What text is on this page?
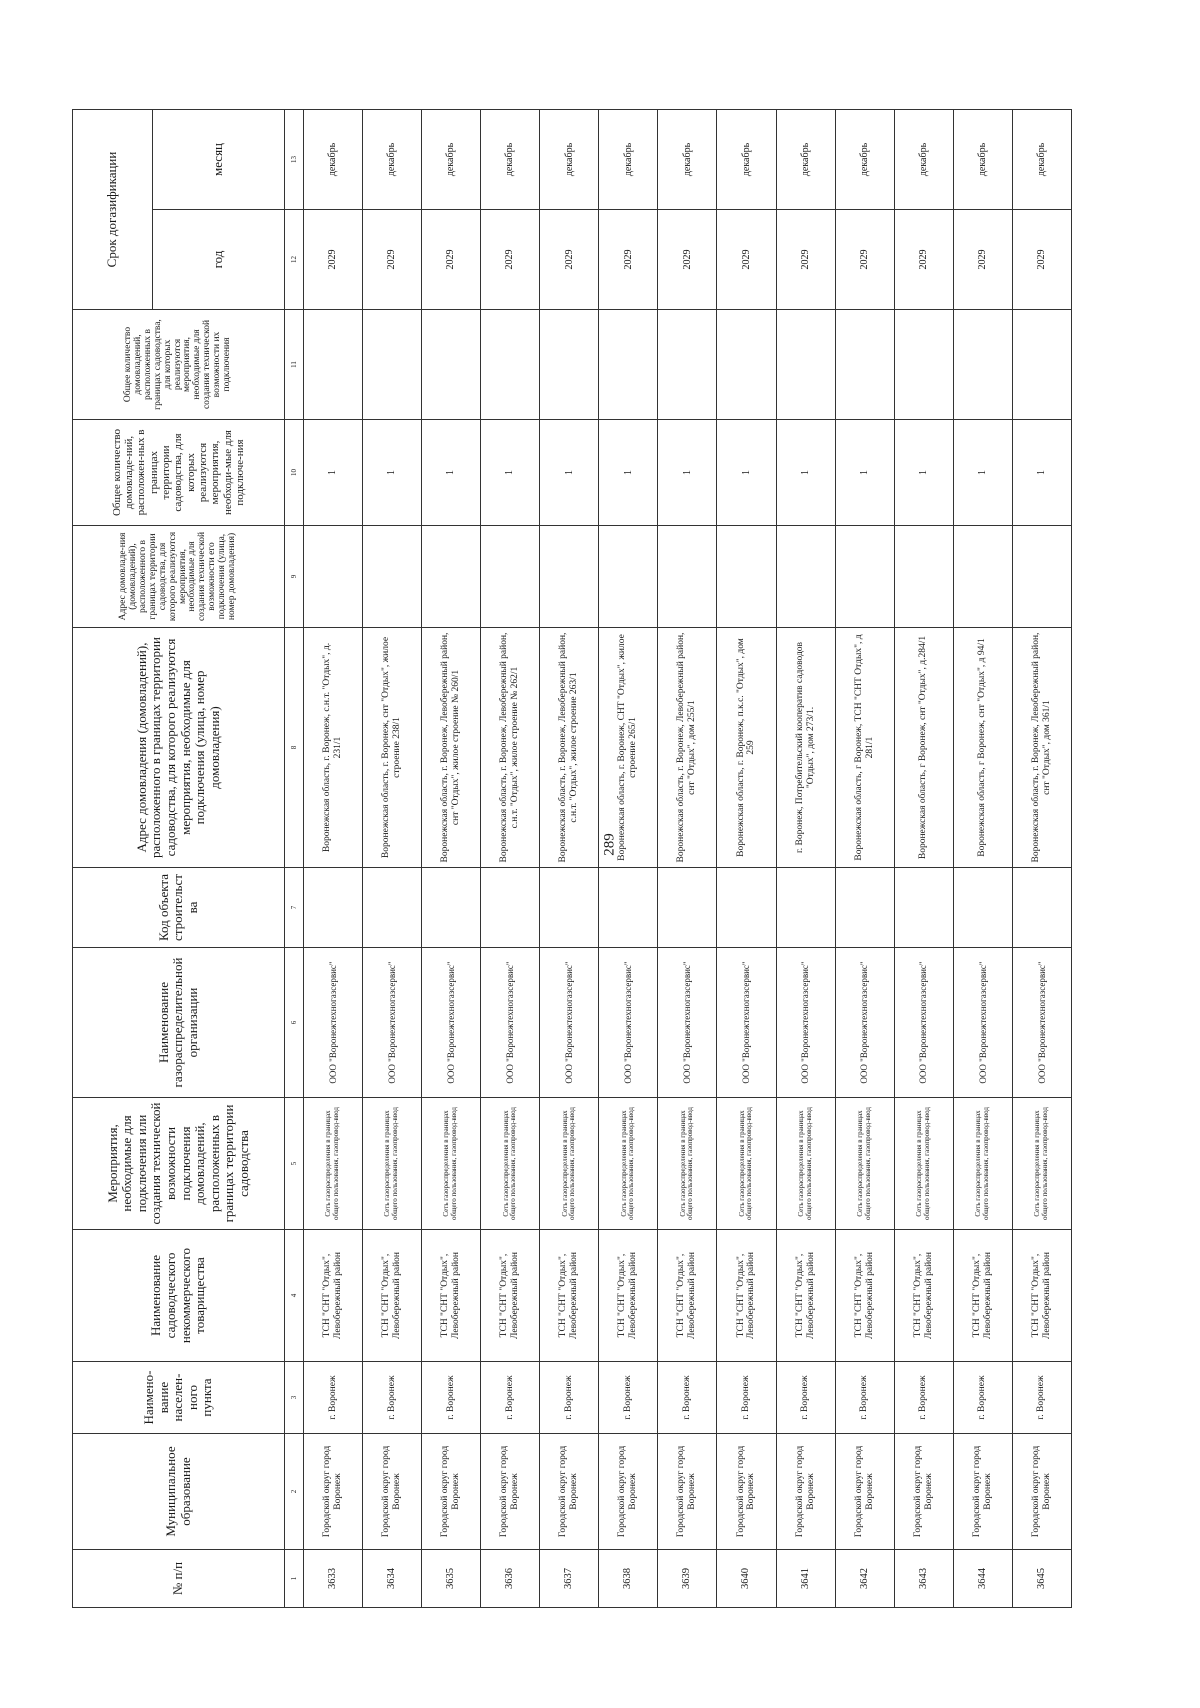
289
№ п/п	Муниципальное образование	Наимено-вание населен-ного пункта	Наименование садоводческого некоммерческого товарищества	Мероприятия, необходимые для подключения или создания технической возможности подключения домовладений, расположенных в границах территории садоводства	Наименование газораспределительной организации	Код объекта строительства	Адрес домовладения (домовладений), расположенного в границах территории садоводства, для которого реализуются мероприятия, необходимые для подключения (улица, номер домовладения)	Адрес домовладе-ния (домовладений), расположенного в границах территории садоводства, для которого реализуются мероприятия, необходимые для создания технической возможности его подключения (улица, номер домовладения)	Общее количество домовладе-ний, расположен-ных в границах территории садоводства, для которых реализуются мероприятия, необходи-мые для подключе-ния	Общее количество домовладений, расположенных в границах садоводства, для которых реализуются мероприятия, необходимые для создания технической возможности их подключения	Срок догазификации	
											год	месяц
1	2	3	4	5	6	7	8	9	10	11	12	13
3633	Городской округ город Воронеж	г. Воронеж	ТСН "СНТ "Отдых", Левобережный район	Сеть газораспределения в границах общего пользования, газопровод-ввод	ООО "Воронежтехногазсервис"		Воронежская область, г. Воронеж, с.н.т. "Отдых", д. 231/1		1		2029	декабрь
3634	Городской округ город Воронеж	г. Воронеж	ТСН "СНТ "Отдых", Левобережный район	Сеть газораспределения в границах общего пользования, газопровод-ввод	ООО "Воронежтехногазсервис"		Воронежская область, г. Воронеж, снт "Отдых", жилое строение 238/1		1		2029	декабрь
3635	Городской округ город Воронеж	г. Воронеж	ТСН "СНТ "Отдых", Левобережный район	Сеть газораспределения в границах общего пользования, газопровод-ввод	ООО "Воронежтехногазсервис"		Воронежская область, г. Воронеж, Левобережный район, снт "Отдых", жилое строение № 260/1		1		2029	декабрь
3636	Городской округ город Воронеж	г. Воронеж	ТСН "СНТ "Отдых", Левобережный район	Сеть газораспределения в границах общего пользования, газопровод-ввод	ООО "Воронежтехногазсервис"		Воронежская область, г. Воронеж, Левобережный район, с.н.т. "Отдых", жилое строение № 262/1		1		2029	декабрь
3637	Городской округ город Воронеж	г. Воронеж	ТСН "СНТ "Отдых", Левобережный район	Сеть газораспределения в границах общего пользования, газопровод-ввод	ООО "Воронежтехногазсервис"		Воронежская область, г. Воронеж, Левобережный район, с.н.т. "Отдых", жилое строение 263/1		1		2029	декабрь
3638	Городской округ город Воронеж	г. Воронеж	ТСН "СНТ "Отдых", Левобережный район	Сеть газораспределения в границах общего пользования, газопровод-ввод	ООО "Воронежтехногазсервис"		Воронежская область, г. Воронеж, СНТ "Отдых", жилое строение 265/1		1		2029	декабрь
3639	Городской округ город Воронеж	г. Воронеж	ТСН "СНТ "Отдых", Левобережный район	Сеть газораспределения в границах общего пользования, газопровод-ввод	ООО "Воронежтехногазсервис"		Воронежская область, г. Воронеж, Левобережный район, снт "Отдых", дом 255/1		1		2029	декабрь
3640	Городской округ город Воронеж	г. Воронеж	ТСН "СНТ "Отдых", Левобережный район	Сеть газораспределения в границах общего пользования, газопровод-ввод	ООО "Воронежтехногазсервис"		Воронежская область, г. Воронеж, п.к.с. "Отдых", дом 259		1		2029	декабрь
3641	Городской округ город Воронеж	г. Воронеж	ТСН "СНТ "Отдых", Левобережный район	Сеть газораспределения в границах общего пользования, газопровод-ввод	ООО "Воронежтехногазсервис"		г. Воронеж, Потребительский кооператив садоводов "Отдых", дом 273/1.		1		2029	декабрь
3642	Городской округ город Воронеж	г. Воронеж	ТСН "СНТ "Отдых", Левобережный район	Сеть газораспределения в границах общего пользования, газопровод-ввод	ООО "Воронежтехногазсервис"		Воронежская область, г Воронеж, ТСН "СНТ Отдых", д 281/1		1		2029	декабрь
3643	Городской округ город Воронеж	г. Воронеж	ТСН "СНТ "Отдых", Левобережный район	Сеть газораспределения в границах общего пользования, газопровод-ввод	ООО "Воронежтехногазсервис"		Воронежская область, г Воронеж, снт "Отдых", д.284/1		1		2029	декабрь
3644	Городской округ город Воронеж	г. Воронеж	ТСН "СНТ "Отдых", Левобережный район	Сеть газораспределения в границах общего пользования, газопровод-ввод	ООО "Воронежтехногазсервис"		Воронежская область, г Воронеж, снт "Отдых", д 94/1		1		2029	декабрь
3645	Городской округ город Воронеж	г. Воронеж	ТСН "СНТ "Отдых", Левобережный район	Сеть газораспределения в границах общего пользования, газопровод-ввод	ООО "Воронежтехногазсервис"		Воронежская область, г. Воронеж, Левобережный район, снт "Отдых", дом 361/1		1		2029	декабрь
